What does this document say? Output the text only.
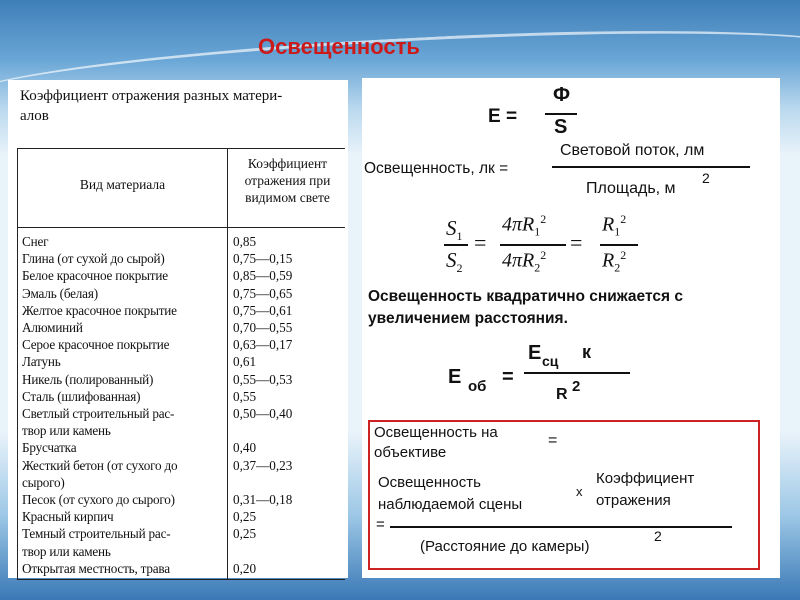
Освещенность
Коэффициент отражения разных матери-
алов
Вид материала
Коэффициент
отражения при
видимом свете
Снег	0,85
Глина (от сухой до сырой)	0,75—0,15
Белое красочное покрытие	0,85—0,59
Эмаль (белая)	0,75—0,65
Желтое красочное покрытие	0,75—0,61
Алюминий	0,70—0,55
Серое красочное покрытие	0,63—0,17
Латунь	0,61
Никель (полированный)	0,55—0,53
Сталь (шлифованная)	0,55
Светлый строительный рас-	0,50—0,40
твор или камень
Брусчатка	0,40
Жесткий бетон (от сухого до	0,37—0,23
сырого)
Песок (от сухого до сырого)	0,31—0,18
Красный кирпич	0,25
Темный строительный рас-	0,25
твор или камень
Открытая местность, трава	0,20
E =
Ф
S
Освещенность, лк =
Световой поток, лм
Площадь, м
2
$S_1$
$S_2$
=
$4\pi R_1^2$
$4\pi R_2^2$ =
$R_1^2$
$R_2^2$
Освещенность квадратично снижается с
увеличением расстояния.
E об =
E сц к
R 2
Освещенность на
объективе
=
Освещенность
наблюдаемой сцены
х
Коэффициент
отражения
=
(Расстояние до камеры)
2
